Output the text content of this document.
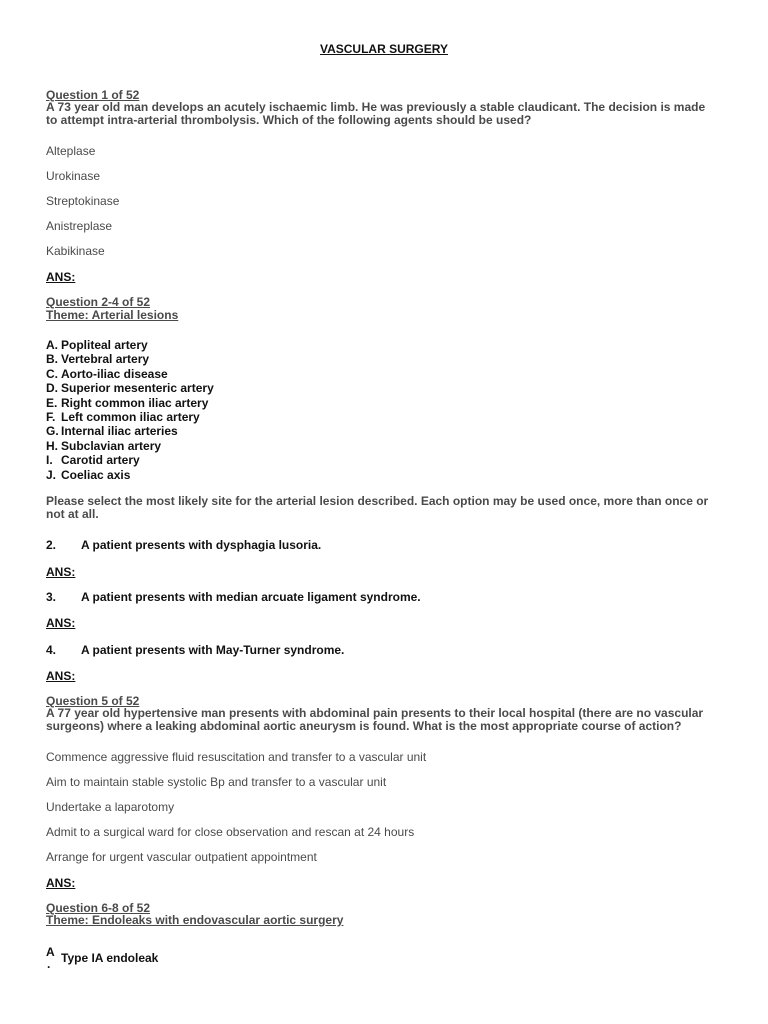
VASCULAR SURGERY
Question 1 of 52
A 73 year old man develops an acutely ischaemic limb. He was previously a stable claudicant. The decision is made to attempt intra-arterial thrombolysis. Which of the following agents should be used?
Alteplase
Urokinase
Streptokinase
Anistreplase
Kabikinase
ANS:
Question 2-4 of 52
Theme: Arterial lesions
A. Popliteal artery
B. Vertebral artery
C. Aorto-iliac disease
D. Superior mesenteric artery
E. Right common iliac artery
F. Left common iliac artery
G. Internal iliac arteries
H. Subclavian artery
I. Carotid artery
J. Coeliac axis
Please select the most likely site for the arterial lesion described. Each option may be used once, more than once or not at all.
2.	A patient presents with dysphagia lusoria.
ANS:
3.	A patient presents with median arcuate ligament syndrome.
ANS:
4.	A patient presents with May-Turner syndrome.
ANS:
Question 5 of 52
A 77 year old hypertensive man presents with abdominal pain presents to their local hospital (there are no vascular surgeons) where a leaking abdominal aortic aneurysm is found. What is the most appropriate course of action?
Commence aggressive fluid resuscitation and transfer to a vascular unit
Aim to maintain stable systolic Bp and transfer to a vascular unit
Undertake a laparotomy
Admit to a surgical ward for close observation and rescan at 24 hours
Arrange for urgent vascular outpatient appointment
ANS:
Question 6-8 of 52
Theme: Endoleaks with endovascular aortic surgery
A
. Type IA endoleak
